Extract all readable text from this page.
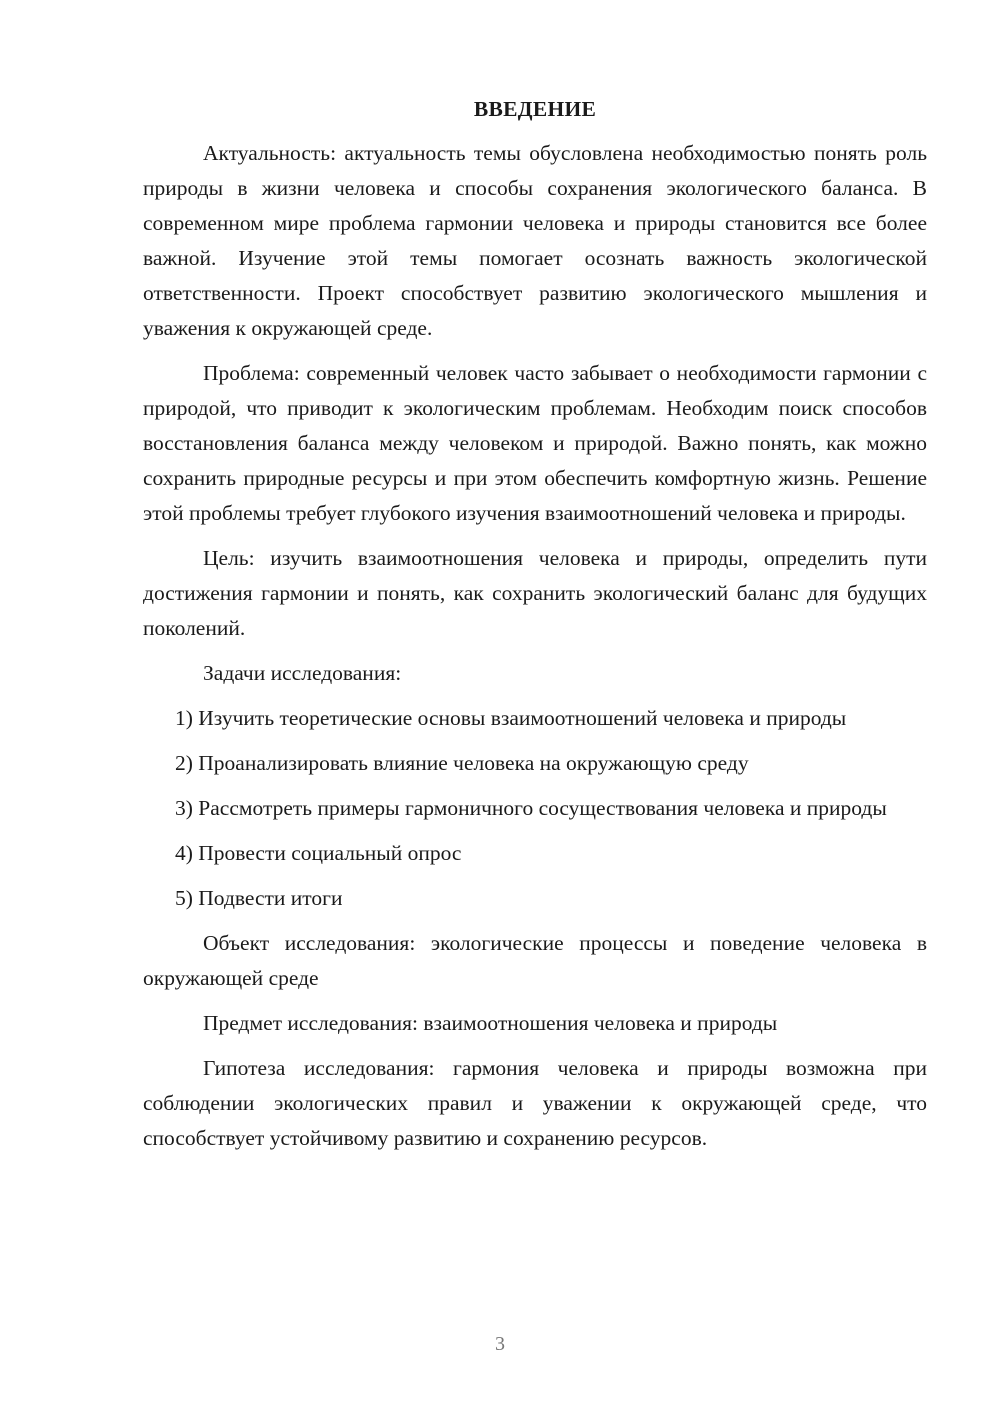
ВВЕДЕНИЕ

Актуальность: актуальность темы обусловлена необходимостью понять роль природы в жизни человека и способы сохранения экологического баланса. В современном мире проблема гармонии человека и природы становится все более важной. Изучение этой темы помогает осознать важность экологической ответственности. Проект способствует развитию экологического мышления и уважения к окружающей среде.

Проблема: современный человек часто забывает о необходимости гармонии с природой, что приводит к экологическим проблемам. Необходим поиск способов восстановления баланса между человеком и природой. Важно понять, как можно сохранить природные ресурсы и при этом обеспечить комфортную жизнь. Решение этой проблемы требует глубокого изучения взаимоотношений человека и природы.

Цель: изучить взаимоотношения человека и природы, определить пути достижения гармонии и понять, как сохранить экологический баланс для будущих поколений.

Задачи исследования:

1) Изучить теоретические основы взаимоотношений человека и природы

2) Проанализировать влияние человека на окружающую среду

3) Рассмотреть примеры гармоничного сосуществования человека и природы

4) Провести социальный опрос

5) Подвести итоги

Объект исследования: экологические процессы и поведение человека в окружающей среде

Предмет исследования: взаимоотношения человека и природы

Гипотеза исследования: гармония человека и природы возможна при соблюдении экологических правил и уважении к окружающей среде, что способствует устойчивому развитию и сохранению ресурсов.

3
